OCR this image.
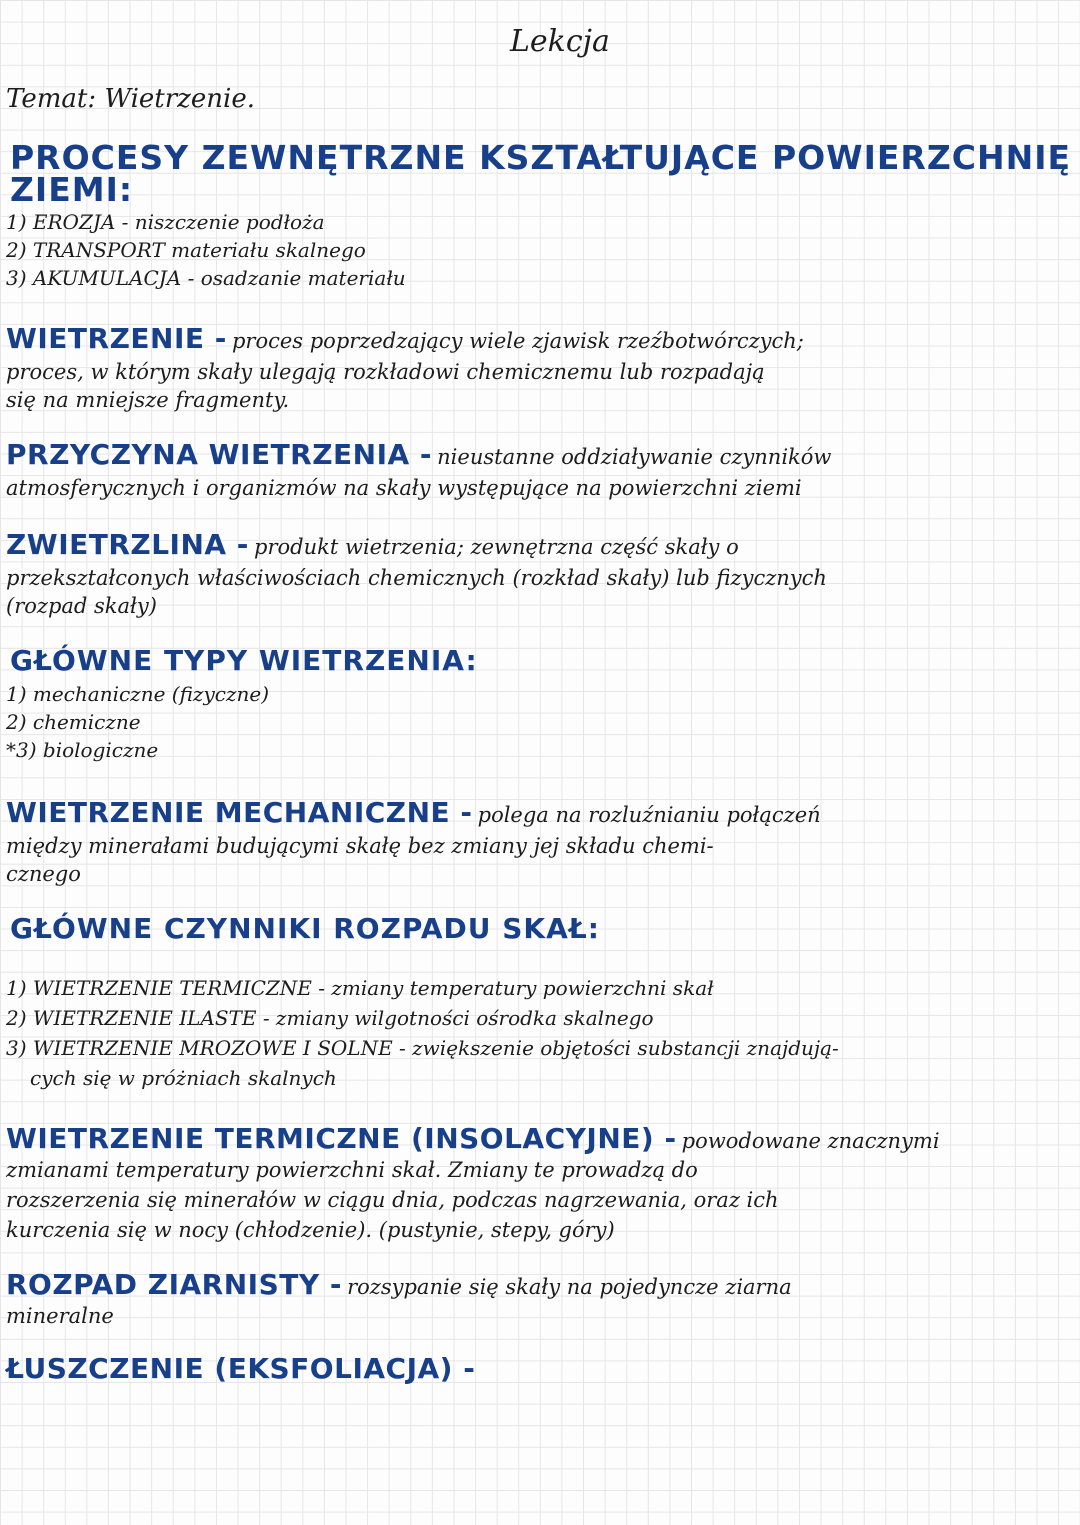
Lekcja
Temat: Wietrzenie.
PROCESY ZEWNĘTRZNE KSZTAŁTUJĄCE POWIERZCHNIĘ
ZIEMI:
1) EROZJA - niszczenie podłoża
2) TRANSPORT materiału skalnego
3) AKUMULACJA - osadzanie materiału
WIETRZENIE - proces poprzedzający wiele zjawisk rzeźbotwórczych;
proces, w którym skały ulegają rozkładowi chemicznemu lub rozpadają
się na mniejsze fragmenty.
PRZYCZYNA WIETRZENIA - nieustanne oddziaływanie czynników
atmosferycznych i organizmów na skały występujące na powierzchni ziemi
ZWIETRZLINA - produkt wietrzenia; zewnętrzna część skały o
przekształconych właściwościach chemicznych (rozkład skały) lub fizycznych
(rozpad skały)
GŁÓWNE TYPY WIETRZENIA:
1) mechaniczne (fizyczne)
2) chemiczne
*3) biologiczne
WIETRZENIE MECHANICZNE - polega na rozluźnianiu połączeń
między minerałami budującymi skałę bez zmiany jej składu chemi-
cznego
GŁÓWNE CZYNNIKI ROZPADU SKAŁ:
1) WIETRZENIE TERMICZNE - zmiany temperatury powierzchni skał
2) WIETRZENIE ILASTE - zmiany wilgotności ośrodka skalnego
3) WIETRZENIE MROZOWE I SOLNE - zwiększenie objętości substancji znajdują-
cych się w próżniach skalnych
WIETRZENIE TERMICZNE (INSOLACYJNE) - powodowane znacznymi
zmianami temperatury powierzchni skał. Zmiany te prowadzą do
rozszerzenia się minerałów w ciągu dnia, podczas nagrzewania, oraz ich
kurczenia się w nocy (chłodzenie). (pustynie, stepy, góry)
ROZPAD ZIARNISTY - rozsypanie się skały na pojedyncze ziarna
mineralne
ŁUSZCZENIE (EKSFOLIACJA) -
